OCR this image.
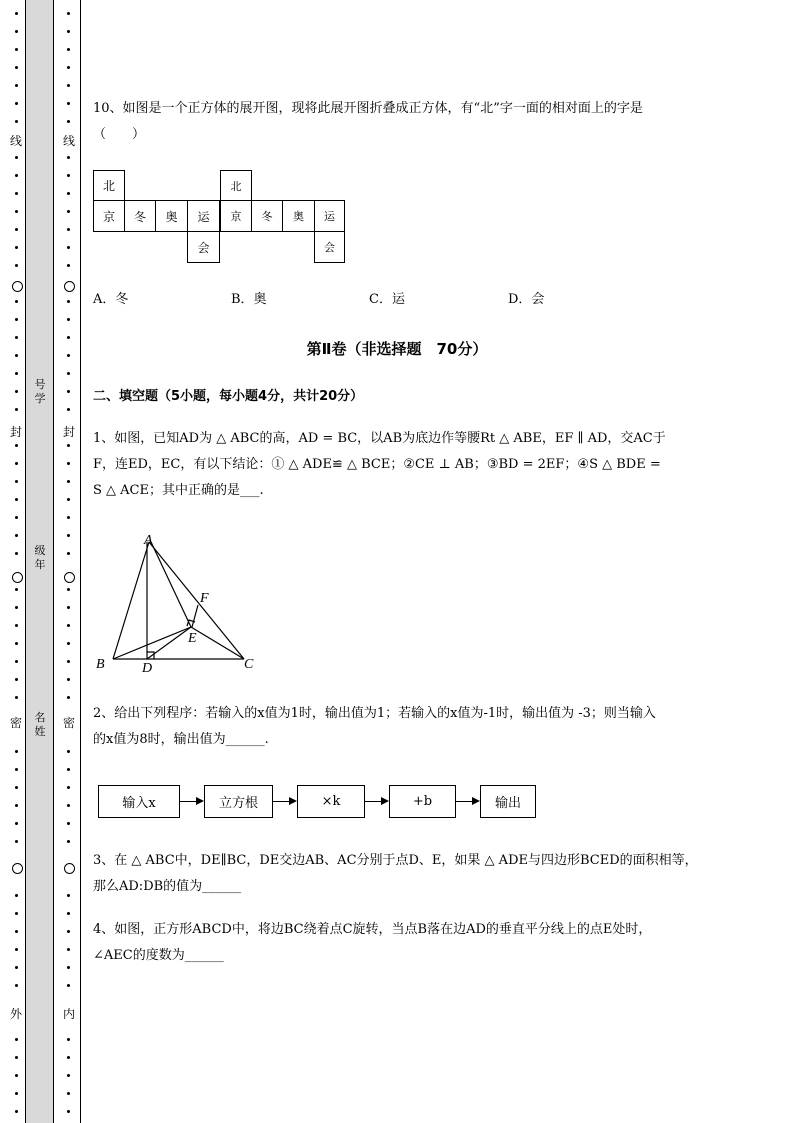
线
封
密
外
线
封
密
内
号学
级年
名姓
10、如图是一个正方体的展开图，现将此展开图折叠成正方体，有“北”字一面的相对面上的字是
（　　）
北
京	冬	奥	运
会
北
京	冬	奥	运
会
A．冬	B．奥	C．运	D．会
第Ⅱ卷（非选择题　70分）
二、填空题（5小题，每小题4分，共计20分）
1、如图，已知AD为 △ ABC的高，AD = BC，以AB为底边作等腰Rt △ ABE，EF ∥ AD，交AC于
F，连ED，EC，有以下结论：① △ ADE≌ △ BCE；②CE ⊥ AB；③BD = 2EF；④S △ BDE =
S △ ACE；其中正确的是___.
A
B	C
D
E
F
2、给出下列程序：若输入的x值为1时，输出值为1；若输入的x值为-1时，输出值为 -3；则当输入
的x值为8时，输出值为______.
输入x	立方根	×k	+b	输出
3、在 △ ABC中，DE∥BC，DE交边AB、AC分别于点D、E，如果 △ ADE与四边形BCED的面积相等，
那么AD:DB的值为______
4、如图，正方形ABCD中，将边BC绕着点C旋转，当点B落在边AD的垂直平分线上的点E处时，
∠AEC的度数为______
